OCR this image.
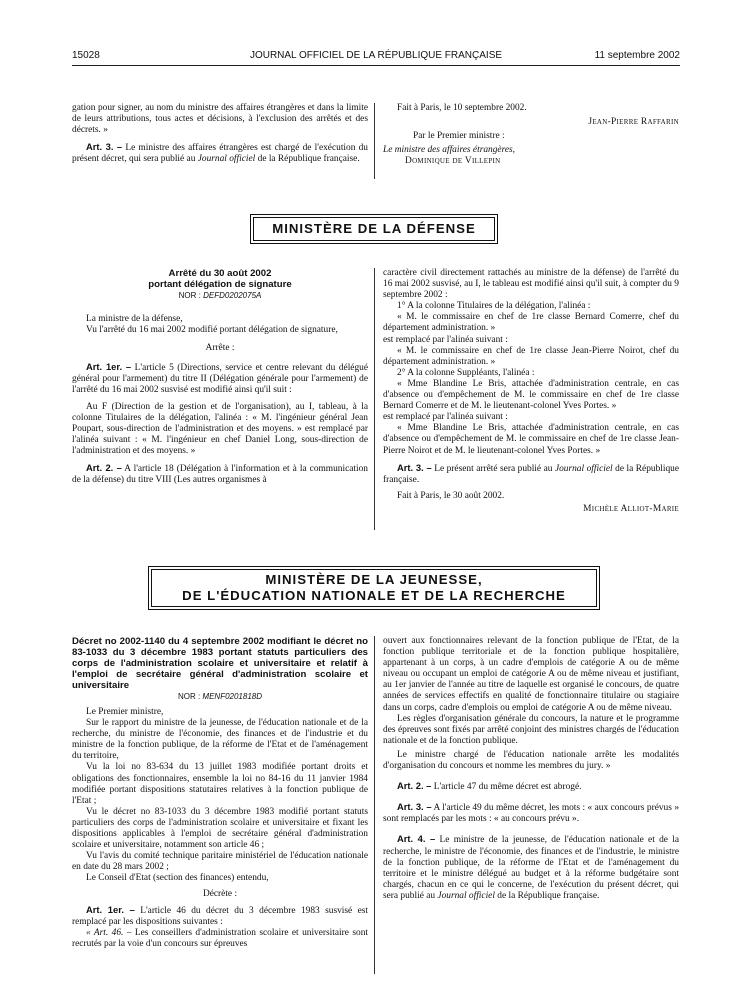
15028	JOURNAL OFFICIEL DE LA RÉPUBLIQUE FRANÇAISE	11 septembre 2002

gation pour signer, au nom du ministre des affaires étrangères et dans la limite de leurs attributions, tous actes et décisions, à l'exclusion des arrêtés et des décrets. »

Art. 3. – Le ministre des affaires étrangères est chargé de l'exécution du présent décret, qui sera publié au Journal officiel de la République française.

Fait à Paris, le 10 septembre 2002.

Jean-Pierre Raffarin

Par le Premier ministre :

Le ministre des affaires étrangères,

Dominique de Villepin

MINISTÈRE DE LA DÉFENSE

Arrêté du 30 août 2002

portant délégation de signature

NOR : DEFD0202075A

La ministre de la défense,

Vu l'arrêté du 16 mai 2002 modifié portant délégation de signature,

Arrête :

Art. 1er. – L'article 5 (Directions, service et centre relevant du délégué général pour l'armement) du titre II (Délégation générale pour l'armement) de l'arrêté du 16 mai 2002 susvisé est modifié ainsi qu'il suit :

Au F (Direction de la gestion et de l'organisation), au I, tableau, à la colonne Titulaires de la délégation, l'alinéa : « M. l'ingénieur général Jean Poupart, sous-direction de l'administration et des moyens. » est remplacé par l'alinéa suivant : « M. l'ingénieur en chef Daniel Long, sous-direction de l'administration et des moyens. »

Art. 2. – A l'article 18 (Délégation à l'information et à la communication de la défense) du titre VIII (Les autres organismes à

caractère civil directement rattachés au ministre de la défense) de l'arrêté du 16 mai 2002 susvisé, au I, le tableau est modifié ainsi qu'il suit, à compter du 9 septembre 2002 :

1° A la colonne Titulaires de la délégation, l'alinéa :

« M. le commissaire en chef de 1re classe Bernard Comerre, chef du département administration. »

est remplacé par l'alinéa suivant :

« M. le commissaire en chef de 1re classe Jean-Pierre Noirot, chef du département administration. »

2° A la colonne Suppléants, l'alinéa :

« Mme Blandine Le Bris, attachée d'administration centrale, en cas d'absence ou d'empêchement de M. le commissaire en chef de 1re classe Bernard Comerre et de M. le lieutenant-colonel Yves Portes. »

est remplacé par l'alinéa suivant :

« Mme Blandine Le Bris, attachée d'administration centrale, en cas d'absence ou d'empêchement de M. le commissaire en chef de 1re classe Jean-Pierre Noirot et de M. le lieutenant-colonel Yves Portes. »

Art. 3. – Le présent arrêté sera publié au Journal officiel de la République française.

Fait à Paris, le 30 août 2002.

Michèle Alliot-Marie

MINISTÈRE DE LA JEUNESSE,
DE L'ÉDUCATION NATIONALE ET DE LA RECHERCHE

Décret no 2002-1140 du 4 septembre 2002 modifiant le décret no 83-1033 du 3 décembre 1983 portant statuts particuliers des corps de l'administration scolaire et universitaire et relatif à l'emploi de secrétaire général d'administration scolaire et universitaire

NOR : MENF0201818D

Le Premier ministre,

Sur le rapport du ministre de la jeunesse, de l'éducation nationale et de la recherche, du ministre de l'économie, des finances et de l'industrie et du ministre de la fonction publique, de la réforme de l'Etat et de l'aménagement du territoire,

Vu la loi no 83-634 du 13 juillet 1983 modifiée portant droits et obligations des fonctionnaires, ensemble la loi no 84-16 du 11 janvier 1984 modifiée portant dispositions statutaires relatives à la fonction publique de l'Etat ;

Vu le décret no 83-1033 du 3 décembre 1983 modifié portant statuts particuliers des corps de l'administration scolaire et universitaire et fixant les dispositions applicables à l'emploi de secrétaire général d'administration scolaire et universitaire, notamment son article 46 ;

Vu l'avis du comité technique paritaire ministériel de l'éducation nationale en date du 28 mars 2002 ;

Le Conseil d'Etat (section des finances) entendu,

Décrète :

Art. 1er. – L'article 46 du décret du 3 décembre 1983 susvisé est remplacé par les dispositions suivantes :

« Art. 46. – Les conseillers d'administration scolaire et universitaire sont recrutés par la voie d'un concours sur épreuves

ouvert aux fonctionnaires relevant de la fonction publique de l'Etat, de la fonction publique territoriale et de la fonction publique hospitalière, appartenant à un corps, à un cadre d'emplois de catégorie A ou de même niveau ou occupant un emploi de catégorie A ou de même niveau et justifiant, au 1er janvier de l'année au titre de laquelle est organisé le concours, de quatre années de services effectifs en qualité de fonctionnaire titulaire ou stagiaire dans un corps, cadre d'emplois ou emploi de catégorie A ou de même niveau.

Les règles d'organisation générale du concours, la nature et le programme des épreuves sont fixés par arrêté conjoint des ministres chargés de l'éducation nationale et de la fonction publique.

Le ministre chargé de l'éducation nationale arrête les modalités d'organisation du concours et nomme les membres du jury. »

Art. 2. – L'article 47 du même décret est abrogé.

Art. 3. – A l'article 49 du même décret, les mots : « aux concours prévus » sont remplacés par les mots : « au concours prévu ».

Art. 4. – Le ministre de la jeunesse, de l'éducation nationale et de la recherche, le ministre de l'économie, des finances et de l'industrie, le ministre de la fonction publique, de la réforme de l'Etat et de l'aménagement du territoire et le ministre délégué au budget et à la réforme budgétaire sont chargés, chacun en ce qui le concerne, de l'exécution du présent décret, qui sera publié au Journal officiel de la République française.
